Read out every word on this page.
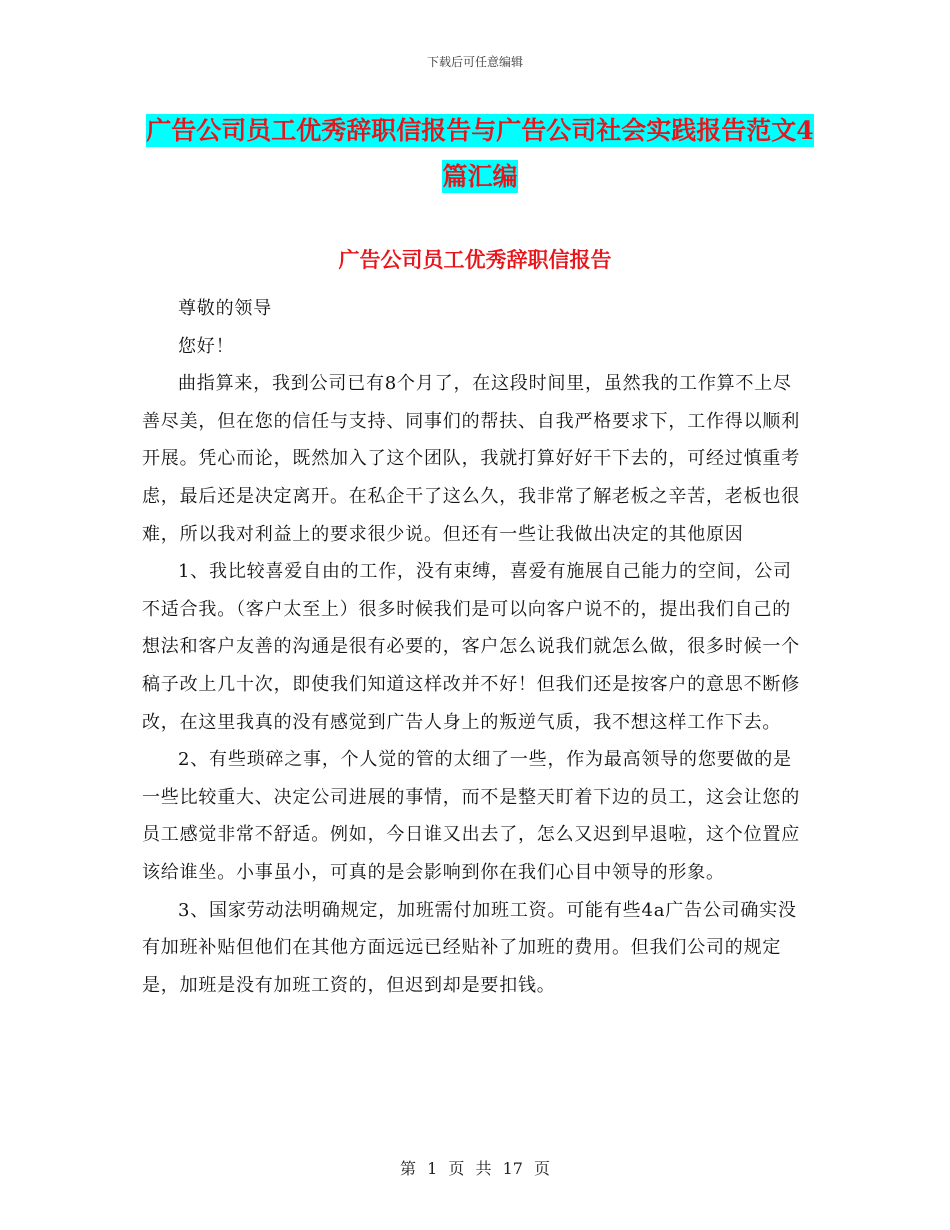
下载后可任意编辑
广告公司员工优秀辞职信报告与广告公司社会实践报告范文4篇汇编
广告公司员工优秀辞职信报告

尊敬的领导

您好！

曲指算来，我到公司已有8个月了，在这段时间里，虽然我的工作算不上尽善尽美，但在您的信任与支持、同事们的帮扶、自我严格要求下，工作得以顺利开展。凭心而论，既然加入了这个团队，我就打算好好干下去的，可经过慎重考虑，最后还是决定离开。在私企干了这么久，我非常了解老板之辛苦，老板也很难，所以我对利益上的要求很少说。但还有一些让我做出决定的其他原因

1、我比较喜爱自由的工作，没有束缚，喜爱有施展自己能力的空间，公司不适合我。（客户太至上）很多时候我们是可以向客户说不的，提出我们自己的想法和客户友善的沟通是很有必要的，客户怎么说我们就怎么做，很多时候一个稿子改上几十次，即使我们知道这样改并不好！但我们还是按客户的意思不断修改，在这里我真的没有感觉到广告人身上的叛逆气质，我不想这样工作下去。

2、有些琐碎之事，个人觉的管的太细了一些，作为最高领导的您要做的是一些比较重大、决定公司进展的事情，而不是整天盯着下边的员工，这会让您的员工感觉非常不舒适。例如，今日谁又出去了，怎么又迟到早退啦，这个位置应该给谁坐。小事虽小，可真的是会影响到你在我们心目中领导的形象。

3、国家劳动法明确规定，加班需付加班工资。可能有些4a广告公司确实没有加班补贴但他们在其他方面远远已经贴补了加班的费用。但我们公司的规定是，加班是没有加班工资的，但迟到却是要扣钱。

第 1 页 共 17 页
